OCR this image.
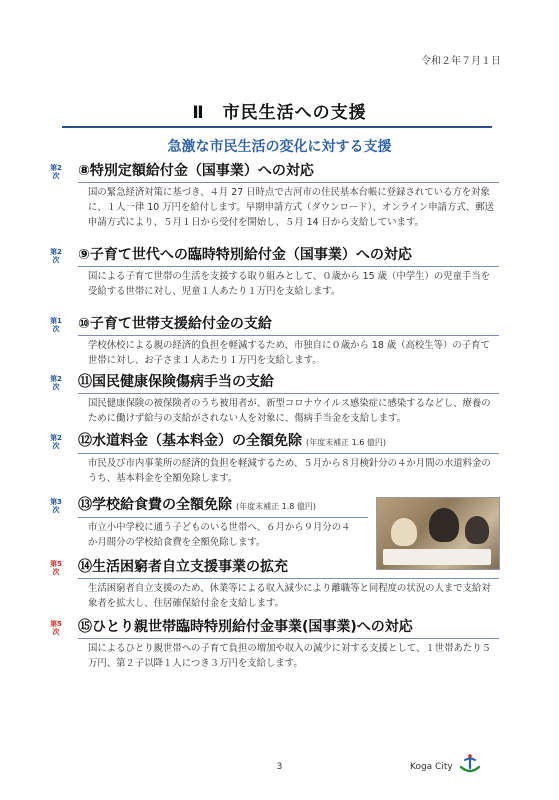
令和２年７月１日
Ⅱ　市民生活への支援
急激な市民生活の変化に対する支援
第2次 ⑧特別定額給付金（国事業）への対応
国の緊急経済対策に基づき、４月 27 日時点で古河市の住民基本台帳に登録されている方を対象に、１人一律 10 万円を給付します。早期申請方式（ダウンロード）、オンライン申請方式、郵送申請方式により、５月１日から受付を開始し、５月 14 日から支給しています。
第2次 ⑨子育て世代への臨時特別給付金（国事業）への対応
国による子育て世帯の生活を支援する取り組みとして、０歳から 15 歳（中学生）の児童手当を受給する世帯に対し、児童１人あたり１万円を支給します。
第1次 ⑩子育て世帯支援給付金の支給
学校休校による親の経済的負担を軽減するため、市独自に０歳から 18 歳（高校生等）の子育て世帯に対し、お子さま１人あたり１万円を支給します。
第2次 ⑪国民健康保険傷病手当の支給
国民健康保険の被保険者のうち被用者が、新型コロナウイルス感染症に感染するなどし、療養のために働けず給与の支給がされない人を対象に、傷病手当金を支給します。
第2次 ⑫水道料金（基本料金）の全額免除 (年度末補正 1.6 億円)
市民及び市内事業所の経済的負担を軽減するため、５月から８月検針分の４か月間の水道料金のうち、基本料金を全額免除します。
第3次 ⑬学校給食費の全額免除 (年度末補正 1.8 億円)
市立小中学校に通う子どものいる世帯へ、６月から９月分の４か月間分の学校給食費を全額免除します。
第5次 ⑭生活困窮者自立支援事業の拡充
生活困窮者自立支援のため、休業等による収入減少により離職等と同程度の状況の人まで支給対象者を拡大し、住居確保給付金を支給します。
第5次 ⑮ひとり親世帯臨時特別給付金事業(国事業)への対応
国によるひとり親世帯への子育て負担の増加や収入の減少に対する支援として、１世帯あたり５万円、第２子以降１人につき３万円を支給します。
3	Koga City
